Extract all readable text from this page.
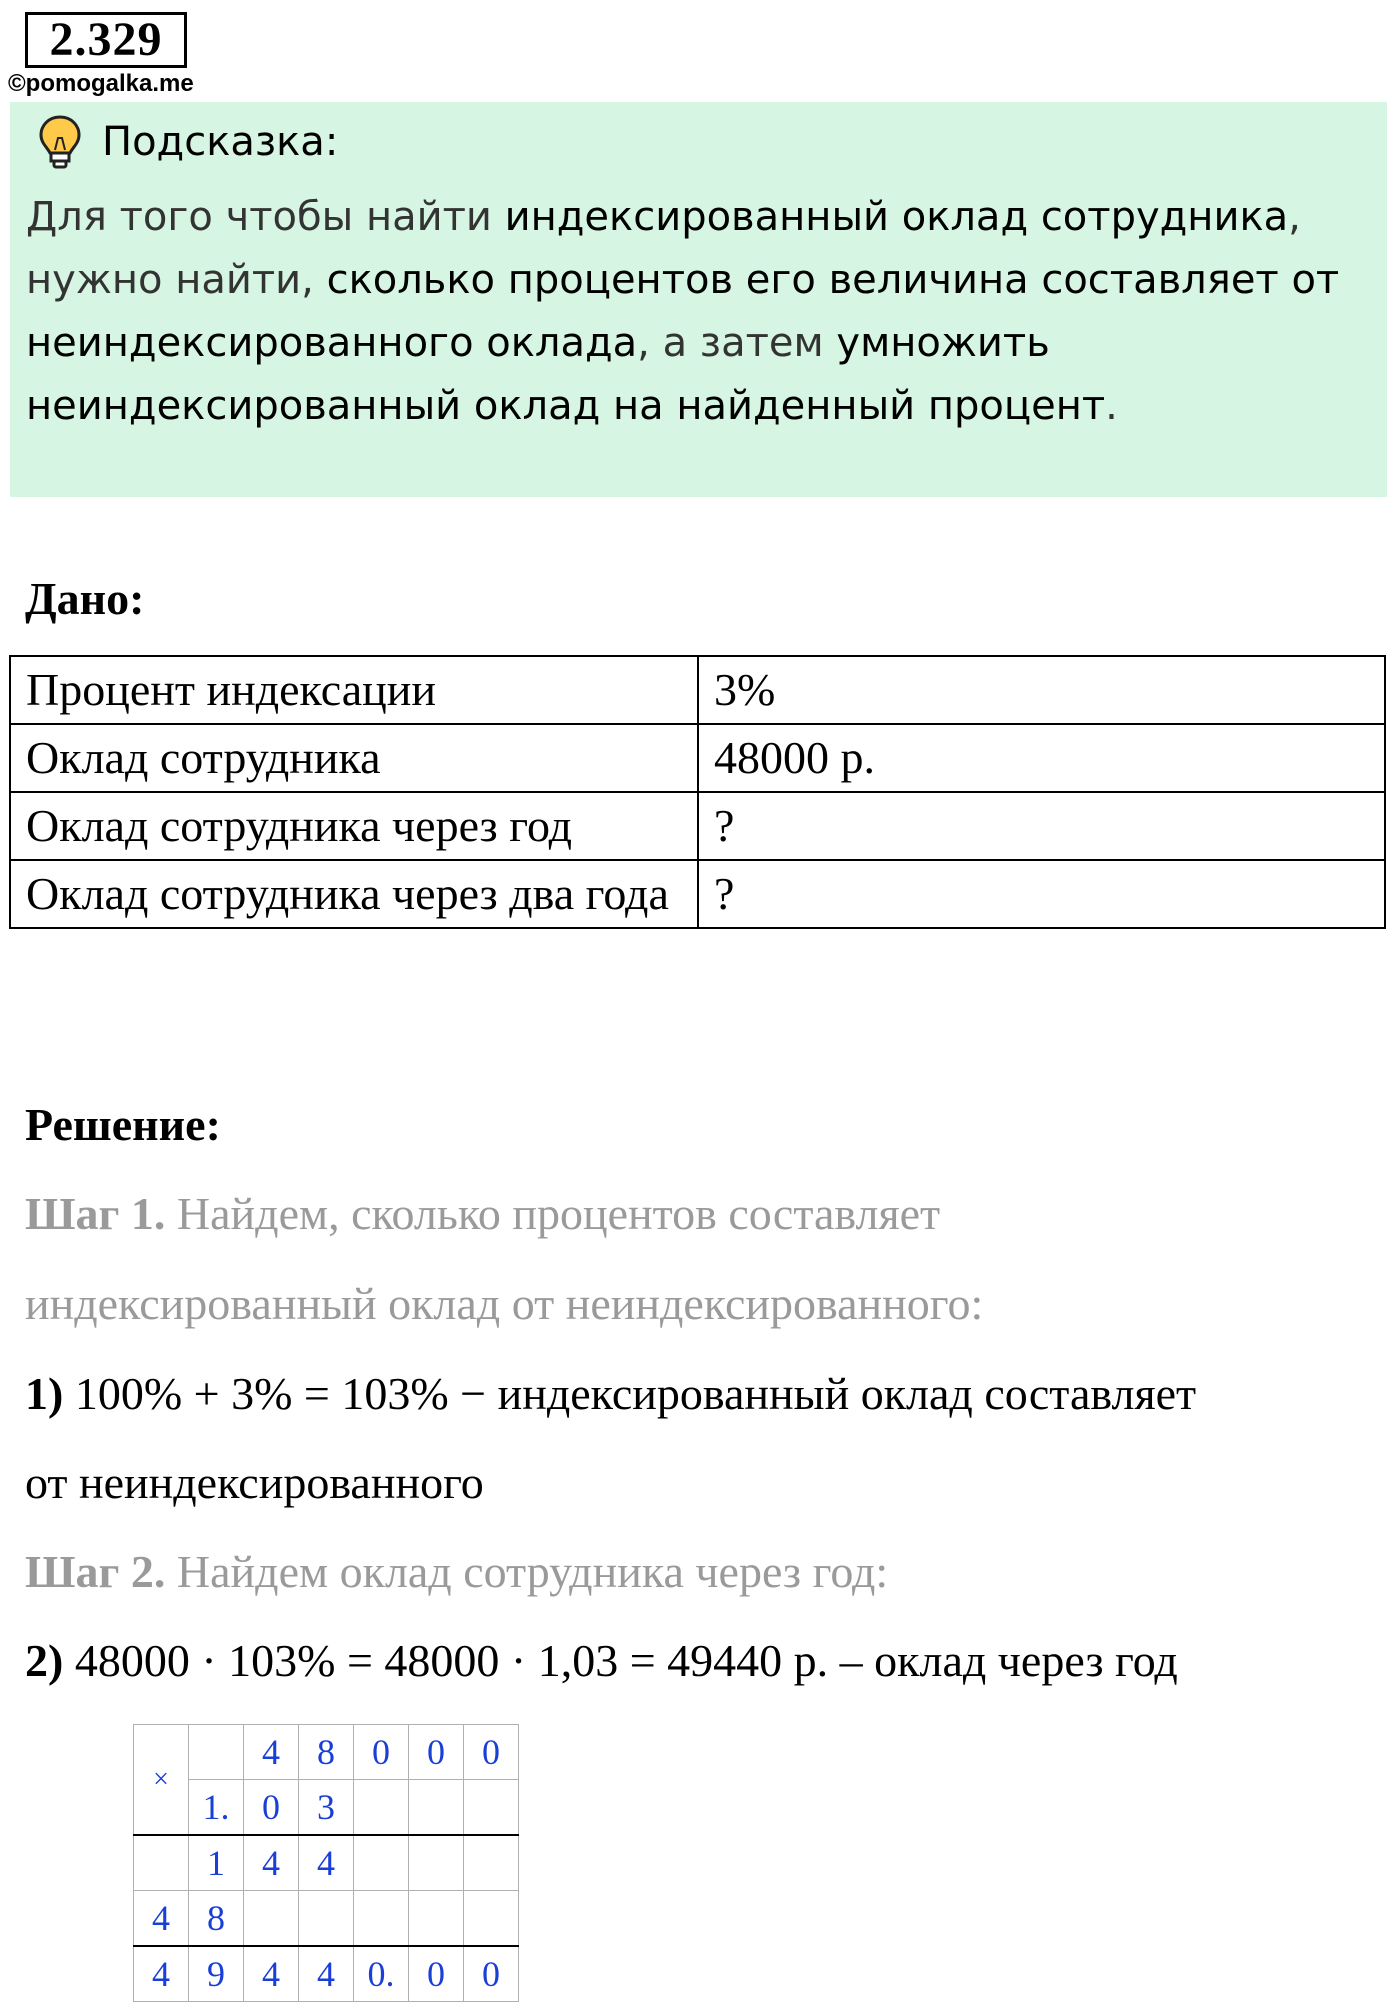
2.329
©pomogalka.me
Подсказка:
Для того чтобы найти индексированный оклад сотрудника, нужно найти, сколько процентов его величина составляет от неиндексированного оклада, а затем умножить неиндексированный оклад на найденный процент.
Дано:
Процент индексации	3%
Оклад сотрудника	48000 р.
Оклад сотрудника через год	?
Оклад сотрудника через два года	?
Решение:
Шаг 1. Найдем, сколько процентов составляет
индексированный оклад от неиндексированного:
1) 100% + 3% = 103% − индексированный оклад составляет
от неиндексированного
Шаг 2. Найдем оклад сотрудника через год:
2) 48000 · 103% = 48000 · 1,03 = 49440 р. – оклад через год
×		4	8	0	0	0
	1.	0	3			
	1	4	4			
4	8					
4	9	4	4	0.	0	0
